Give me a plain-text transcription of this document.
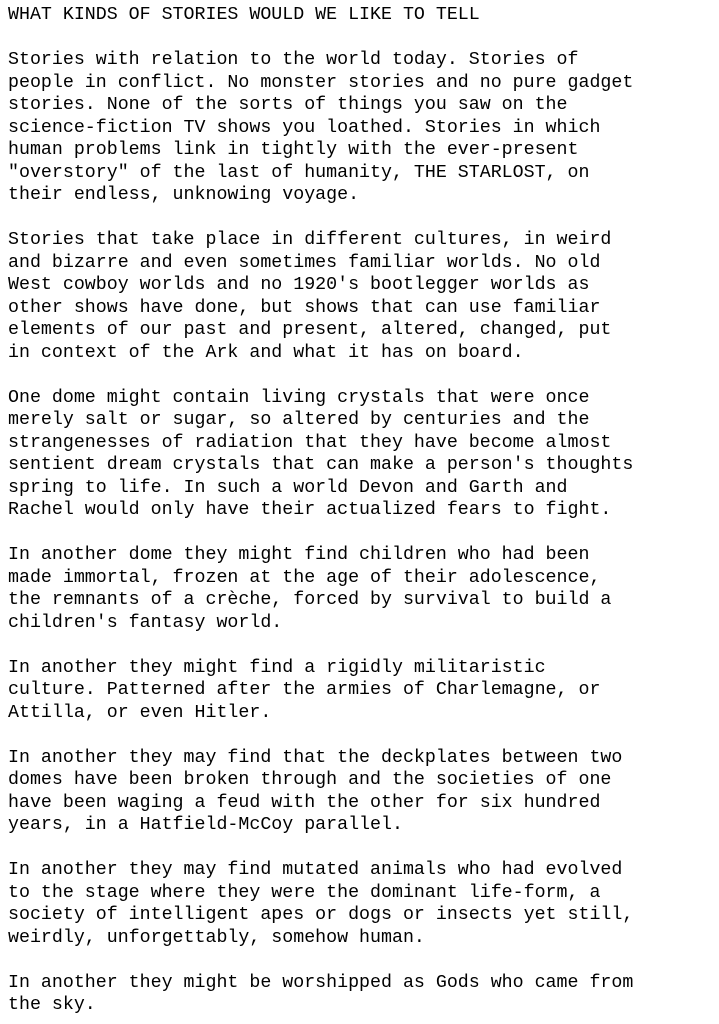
WHAT KINDS OF STORIES WOULD WE LIKE TO TELL
Stories with relation to the world today. Stories of
people in conflict. No monster stories and no pure gadget
stories. None of the sorts of things you saw on the
science-fiction TV shows you loathed. Stories in which
human problems link in tightly with the ever-present
"overstory" of the last of humanity, THE STARLOST, on
their endless, unknowing voyage.
Stories that take place in different cultures, in weird
and bizarre and even sometimes familiar worlds. No old
West cowboy worlds and no 1920's bootlegger worlds as
other shows have done, but shows that can use familiar
elements of our past and present, altered, changed, put
in context of the Ark and what it has on board.
One dome might contain living crystals that were once
merely salt or sugar, so altered by centuries and the
strangenesses of radiation that they have become almost
sentient dream crystals that can make a person's thoughts
spring to life. In such a world Devon and Garth and
Rachel would only have their actualized fears to fight.
In another dome they might find children who had been
made immortal, frozen at the age of their adolescence,
the remnants of a crèche, forced by survival to build a
children's fantasy world.
In another they might find a rigidly militaristic
culture. Patterned after the armies of Charlemagne, or
Attilla, or even Hitler.
In another they may find that the deckplates between two
domes have been broken through and the societies of one
have been waging a feud with the other for six hundred
years, in a Hatfield-McCoy parallel.
In another they may find mutated animals who had evolved
to the stage where they were the dominant life-form, a
society of intelligent apes or dogs or insects yet still,
weirdly, unforgettably, somehow human.
In another they might be worshipped as Gods who came from
the sky.
